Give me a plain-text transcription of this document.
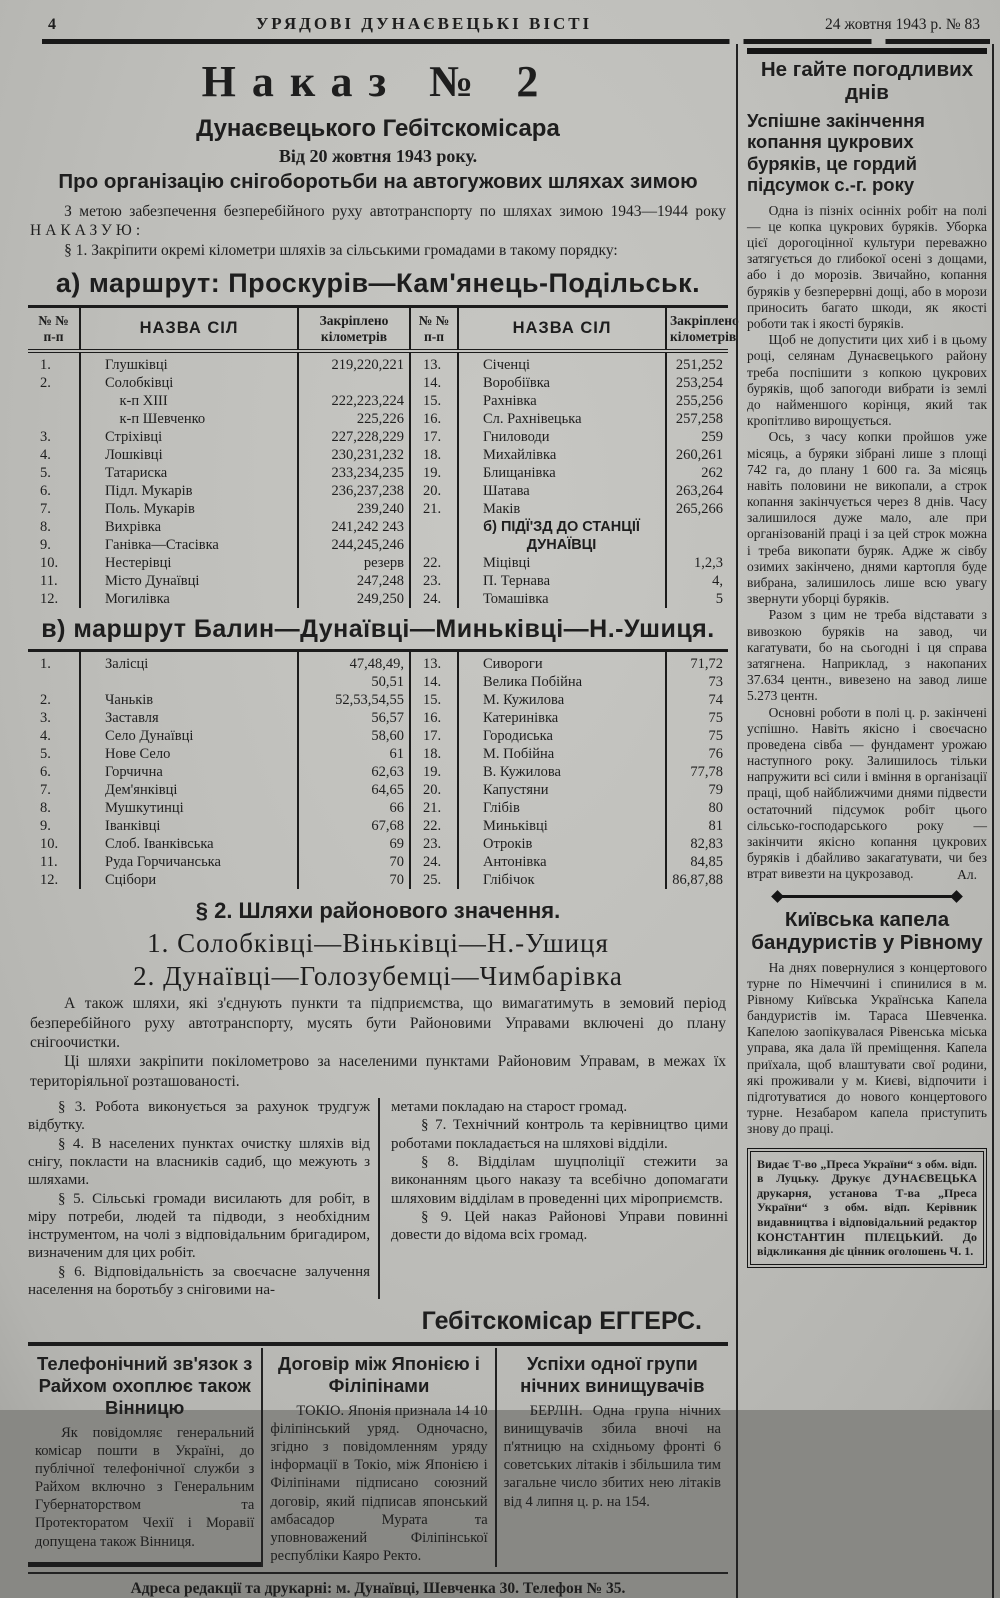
4	УРЯДОВІ ДУНАЄВЕЦЬКІ ВІСТІ	24 жовтня 1943 р. № 83
Наказ № 2
Дунаєвецького Гебітскомісара
Від 20 жовтня 1943 року.
Про організацію снігоборотьби на автогужових шляхах зимою

З метою забезпечення безперебійного руху автотранспорту по шляхах зимою 1943—1944 року НАКАЗУЮ:

§ 1. Закріпити окремі кілометри шляхів за сільськими громадами в такому порядку:

а) маршрут: Проскурів—Кам'янець-Подільськ.
№ № п-п	НАЗВА СІЛ	Закріплено кілометрів	№ № п-п	НАЗВА СІЛ	Закріплено кілометрів
1.	Глушківці	219,220,221	13.	Січенці	251,252
2.	Солобківці		14.	Воробіївка	253,254
	 к-п XIII	222,223,224	15.	Рахнівка	255,256
	 к-п Шевченко	225,226	16.	Сл. Рахнівецька	257,258
3.	Стріхівці	227,228,229	17.	Гниловоди	259
4.	Лошківці	230,231,232	18.	Михайлівка	260,261
5.	Татариска	233,234,235	19.	Блищанівка	262
6.	Підл. Мукарів	236,237,238	20.	Шатава	263,264
7.	Поль. Мукарів	239,240	21.	Маків	265,266
8.	Вихрівка	241,242 243		б) ПІДЇ'ЗД ДО СТАНЦІЇ	
9.	Ганівка—Стасівка	244,245,246		ДУНАЇВЦІ	
10.	Нестерівці	резерв	22.	Міцівці	1,2,3
11.	Місто Дунаївці	247,248	23.	П. Тернава	4,
12.	Могилівка	249,250	24.	Томашівка	5
в) маршрут Балин—Дунаївці—Миньківці—Н.-Ушиця.
1.	Залісці	47,48,49,	13.	Сивороги	71,72
		50,51	14.	Велика Побійна	73
2.	Чаньків	52,53,54,55	15.	М. Кужилова	74
3.	Заставля	56,57	16.	Катеринівка	75
4.	Село Дунаївці	58,60	17.	Городиська	75
5.	Нове Село	61	18.	М. Побійна	76
6.	Горчична	62,63	19.	В. Кужилова	77,78
7.	Дем'янківці	64,65	20.	Капустяни	79
8.	Мушкутинці	66	21.	Глібів	80
9.	Іванківці	67,68	22.	Миньківці	81
10.	Слоб. Іванківська	69	23.	Отроків	82,83
11.	Руда Горчичанська	70	24.	Антонівка	84,85
12.	Сцібори	70	25.	Глібічок	86,87,88
§ 2. Шляхи районового значення.
1. Солобківці—Віньківці—Н.-Ушиця
2. Дунаївці—Голозубемці—Чимбарівка

А також шляхи, які з'єднують пункти та підприємства, що вимагатимуть в земовий період безперебійного руху автотранспорту, мусять бути Районовими Управами включені до плану снігоочистки.

Ці шляхи закріпити покілометрово за населеними пунктами Районовим Управам, в межах їх територіяльної розташованості.

§ 3. Робота виконується за рахунок трудгуж відбутку.

§ 4. В населених пунктах очистку шляхів від снігу, покласти на власників садиб, що межують з шляхами.

§ 5. Сільські громади висилають для робіт, в міру потреби, людей та підводи, з необхідним інструментом, на чолі з відповідальним бригадиром, визначеним для цих робіт.

§ 6. Відповідальність за своєчасне залучення населення на боротьбу з сніговими на-

метами покладаю на старост громад.

§ 7. Технічний контроль та керівництво цими роботами покладається на шляхові відділи.

§ 8. Відділам шуцполіції стежити за виконанням цього наказу та всебічно допомагати шляховим відділам в проведенні цих міроприємств.

§ 9. Цей наказ Районові Управи повинні довести до відома всіх громад.

Гебітскомісар ЕГГЕРС.
Телефонічний зв'язок з Райхом охоплює також Вінницю

Як повідомляє генеральний комісар пошти в Україні, до публічної телефонічної служби з Райхом включно з Генеральним Губернаторством та Протекторатом Чехії і Моравії допущена також Вінниця.

Договір між Японією і Філіпінами

ТОКІО. Японія признала 14 10 філіпінський уряд. Одночасно, згідно з повідомленням уряду інформації в Токіо, між Японією і Філіпінами підписано союзний договір, який підписав японський амбасадор Мурата та уповноважений Філіпінської республіки Каяро Ректо.

Успіхи одної групи нічних винищувачів

БЕРЛІН. Одна група нічних винищувачів збила вночі на п'ятницю на східньому фронті 6 советських літаків і збільшила тим загальне число збитих нею літаків від 4 липня ц. р. на 154.

Адреса редакції та друкарні: м. Дунаївці, Шевченка 30. Телефон № 35.
Не гайте погодливих днів
Успішне закінчення копання цукрових буряків, це гордий підсумок с.-г. року

Одна із пізніх осінніх робіт на полі — це копка цукрових буряків. Уборка цієї дорогоцінної культури переважно затягується до глибокої осені з дощами, або і до морозів. Звичайно, копання буряків у безперервні дощі, або в морози приносить багато шкоди, як якості роботи так і якості буряків.

Щоб не допустити цих хиб і в цьому році, селянам Дунаєвецького району треба поспішити з копкою цукрових буряків, щоб запогоди вибрати із землі до найменшого корінця, який так кропітливо вирощується.

Ось, з часу копки пройшов уже місяць, а буряки зібрані лише з площі 742 га, до плану 1 600 га. За місяць навіть половини не викопали, а строк копання закінчується через 8 днів. Часу залишилося дуже мало, але при організованій праці і за цей строк можна і треба викопати буряк. Адже ж сівбу озимих закінчено, днями картопля буде вибрана, залишилось лише всю увагу звернути уборці буряків.

Разом з цим не треба відставати з вивозкою буряків на завод, чи кагатувати, бо на сьогодні і ця справа затягнена. Наприклад, з накопаних 37.634 центн., вивезено на завод лише 5.273 центн.

Основні роботи в полі ц. р. закінчені успішно. Навіть якісно і своєчасно проведена сівба — фундамент урожаю наступного року. Залишилось тільки напружити всі сили і вміння в організації праці, щоб найближчими днями підвести остаточний підсумок робіт цього сільсько-господарського року — закінчити якісно копання цукрових буряків і дбайливо закагатувати, чи без втрат вивезти на цукрозавод.	Ал.
Київська капела бандуристів у Рівному

На днях повернулися з концертового турне по Німеччині і спинилися в м. Рівному Київська Українська Капела бандуристів ім. Тараса Шевченка. Капелою заопікувалася Рівенська міська управа, яка дала їй преміщення. Капела приїхала, щоб влаштувати свої родини, які проживали у м. Києві, відпочити і підготуватися до нового концертового турне. Незабаром капела приступить знову до праці.

Видає Т-во „Преса України“ з обм. відп. в Луцьку. Друкує ДУНАЄВЕЦЬКА друкарня, установа Т-ва „Преса України“ з обм. відп. Керівник видавництва і відповідальний редактор КОНСТАНТИН ПІЛЕЦЬКИЙ. До відкликання діє цінник оголошень Ч. 1.
